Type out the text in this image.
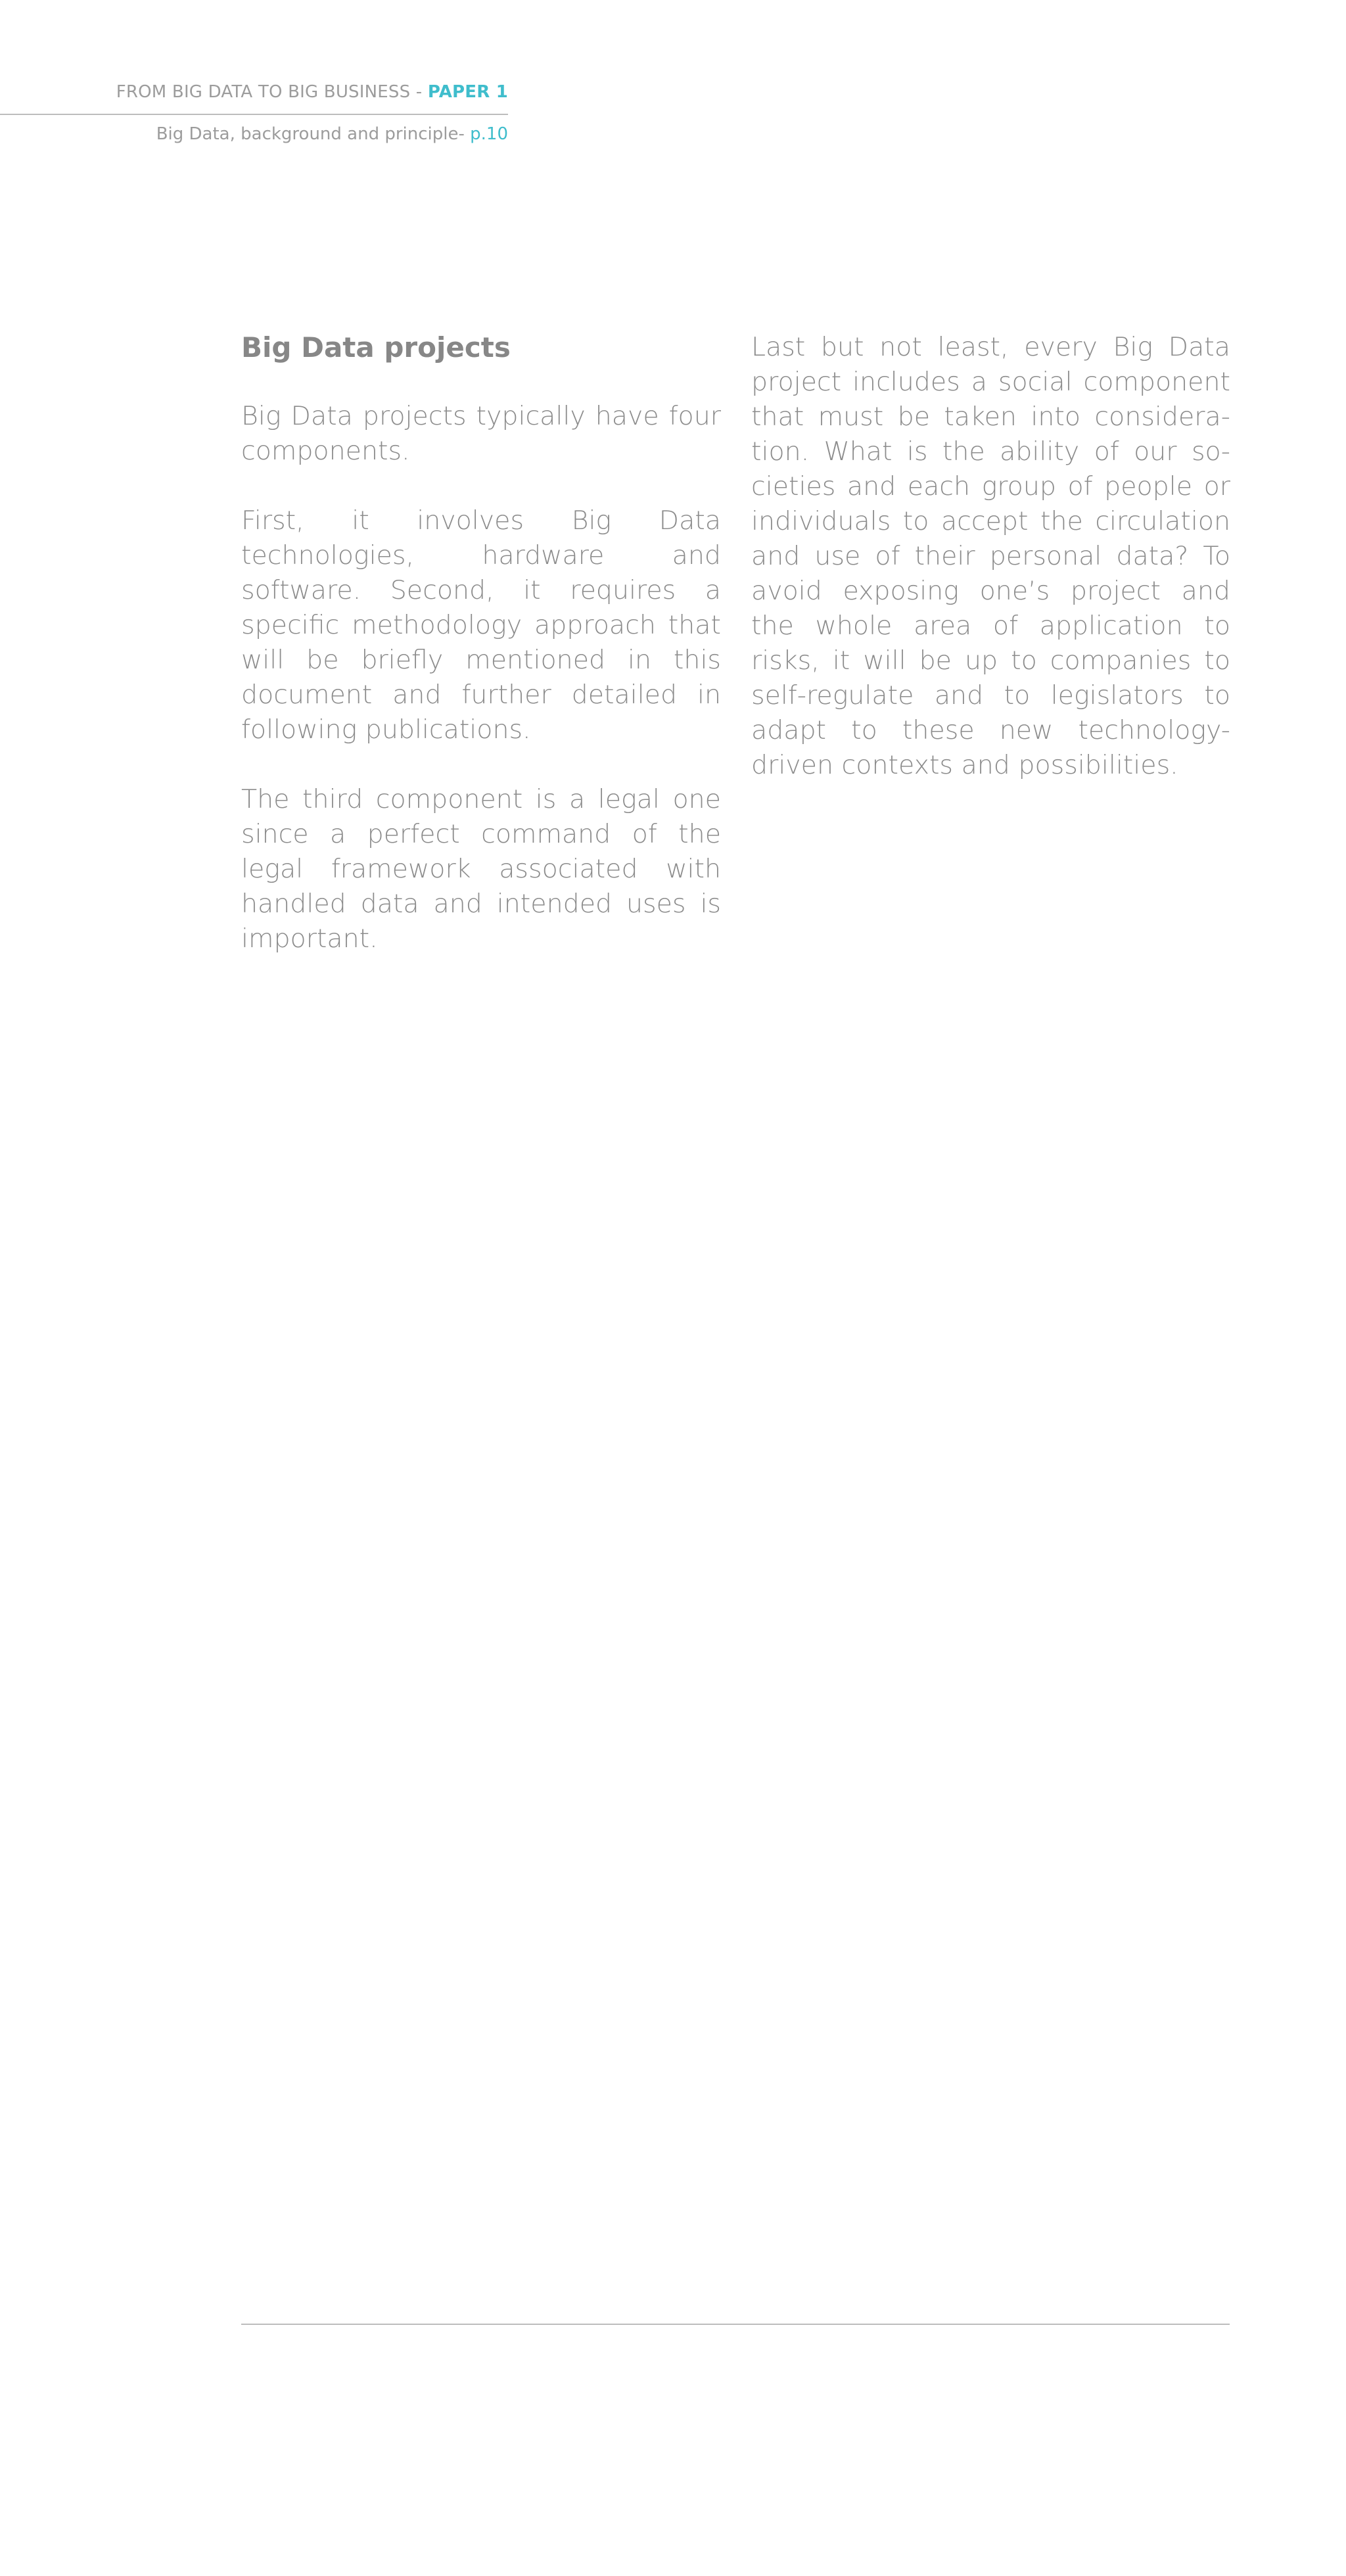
FROM BIG DATA TO BIG BUSINESS - PAPER 1
Big Data, background and principle- p.10
Big Data projects

Big Data projects typically have four components.

First, it involves Big Data technologies, hardware and software. Second, it requires a specific methodology approach that will be briefly mentioned in this document and further detailed in following publications.

The third component is a legal one since a perfect command of the legal framework associated with handled data and intended uses is important.

Last but not least, every Big Data project includes a social component that must be taken into consideration. What is the ability of our societies and each group of people or individuals to accept the circulation and use of their personal data? To avoid exposing one’s project and the whole area of application to risks, it will be up to companies to self-regulate and to legislators to adapt to these new technology-driven contexts and possibilities.
